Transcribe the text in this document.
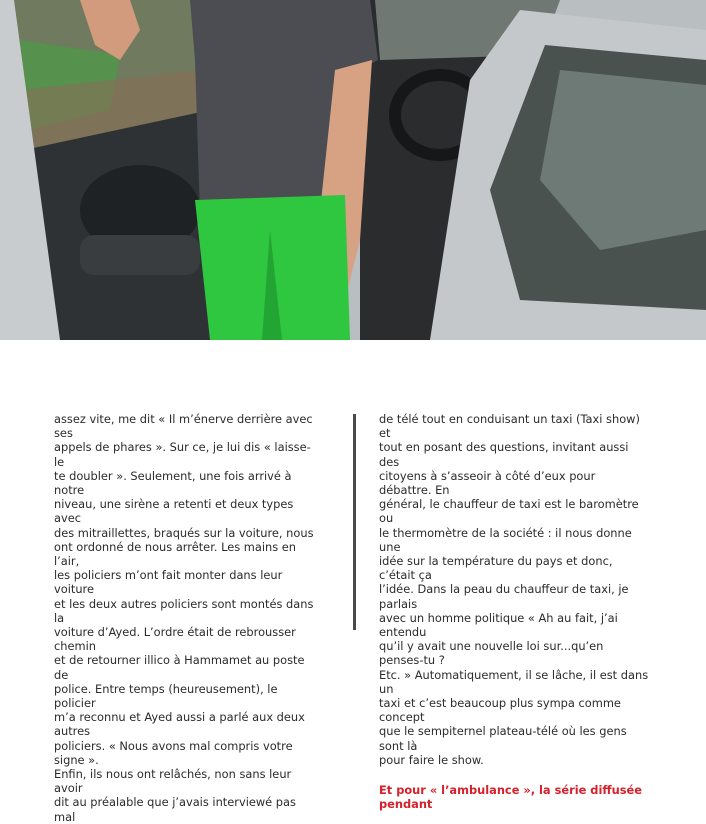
assez vite, me dit « Il m’énerve derrière avec ses
appels de phares ». Sur ce, je lui dis « laisse-le
te doubler ». Seulement, une fois arrivé à notre
niveau, une sirène a retenti et deux types avec
des mitraillettes, braqués sur la voiture, nous
ont ordonné de nous arrêter. Les mains en l’air,
les policiers m’ont fait monter dans leur voiture
et les deux autres policiers sont montés dans la
voiture d’Ayed. L’ordre était de rebrousser chemin
et de retourner illico à Hammamet au poste de
police. Entre temps (heureusement), le policier
m’a reconnu et Ayed aussi a parlé aux deux autres
policiers. « Nous avons mal compris votre signe ».
Enfin, ils nous ont relâchés, non sans leur avoir
dit au préalable que j’avais interviewé pas mal

de télé tout en conduisant un taxi (Taxi show) et
tout en posant des questions, invitant aussi des
citoyens à s’asseoir à côté d’eux pour débattre. En
général, le chauffeur de taxi est le baromètre ou
le thermomètre de la société : il nous donne une
idée sur la température du pays et donc, c’était ça
l’idée. Dans la peau du chauffeur de taxi, je parlais
avec un homme politique « Ah au fait, j’ai entendu
qu’il y avait une nouvelle loi sur...qu’en penses-tu ?
Etc. » Automatiquement, il se lâche, il est dans un
taxi et c’est beaucoup plus sympa comme concept
que le sempiternel plateau-télé où les gens sont là
pour faire le show.

Et pour « l’ambulance », la série diffusée pendant
